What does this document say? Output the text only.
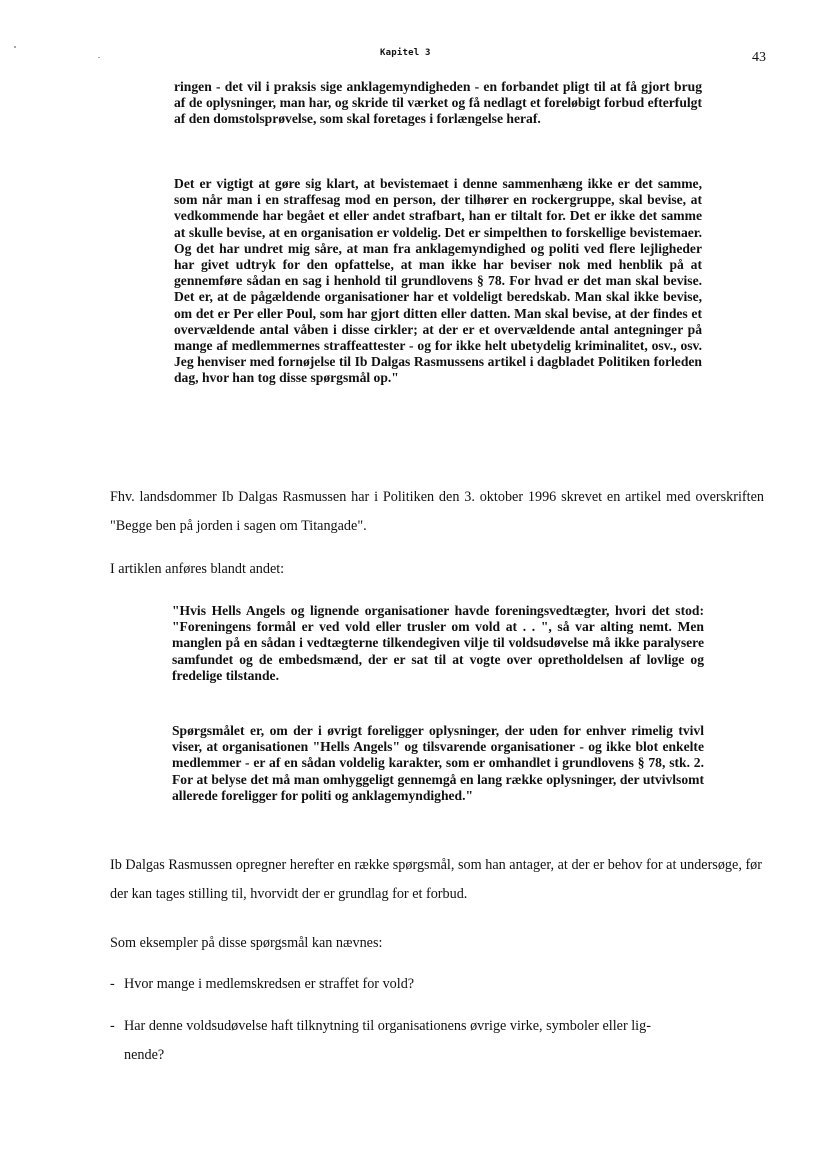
Kapitel 3	43

ringen - det vil i praksis sige anklagemyndigheden - en forbandet pligt til at få gjort brug af de oplysninger, man har, og skride til værket og få nedlagt et foreløbigt forbud efterfulgt af den domstolsprøvelse, som skal foretages i forlængelse heraf.

Det er vigtigt at gøre sig klart, at bevistemaet i denne sammenhæng ikke er det samme, som når man i en straffesag mod en person, der tilhører en rockergruppe, skal bevise, at vedkommende har begået et eller andet strafbart, han er tiltalt for. Det er ikke det samme at skulle bevise, at en organisation er voldelig. Det er simpelthen to forskellige bevistemaer. Og det har undret mig såre, at man fra anklagemyndighed og politi ved flere lejligheder har givet udtryk for den opfattelse, at man ikke har beviser nok med henblik på at gennemføre sådan en sag i henhold til grundlovens § 78. For hvad er det man skal bevise. Det er, at de pågældende organisationer har et voldeligt beredskab. Man skal ikke bevise, om det er Per eller Poul, som har gjort ditten eller datten. Man skal bevise, at der findes et overvældende antal våben i disse cirkler; at der er et overvældende antal antegninger på mange af medlemmernes straffeattester - og for ikke helt ubetydelig kriminalitet, osv., osv. Jeg henviser med fornøjelse til Ib Dalgas Rasmussens artikel i dagbladet Politiken forleden dag, hvor han tog disse spørgsmål op."

Fhv. landsdommer Ib Dalgas Rasmussen har i Politiken den 3. oktober 1996 skrevet en artikel med overskriften "Begge ben på jorden i sagen om Titangade".

I artiklen anføres blandt andet:

"Hvis Hells Angels og lignende organisationer havde foreningsvedtægter, hvori det stod: "Foreningens formål er ved vold eller trusler om vold at . . ", så var alting nemt. Men manglen på en sådan i vedtægterne tilkendegiven vilje til voldsudøvelse må ikke paralysere samfundet og de embedsmænd, der er sat til at vogte over opretholdelsen af lovlige og fredelige tilstande.

Spørgsmålet er, om der i øvrigt foreligger oplysninger, der uden for enhver rimelig tvivl viser, at organisationen "Hells Angels" og tilsvarende organisationer - og ikke blot enkelte medlemmer - er af en sådan voldelig karakter, som er omhandlet i grundlovens § 78, stk. 2. For at belyse det må man omhyggeligt gennemgå en lang række oplysninger, der utvivlsomt allerede foreligger for politi og anklagemyndighed."

Ib Dalgas Rasmussen opregner herefter en række spørgsmål, som han antager, at der er behov for at undersøge, før der kan tages stilling til, hvorvidt der er grundlag for et forbud.

Som eksempler på disse spørgsmål kan nævnes:

- Hvor mange i medlemskredsen er straffet for vold?

- Har denne voldsudøvelse haft tilknytning til organisationens øvrige virke, symboler eller lig-
nende?
